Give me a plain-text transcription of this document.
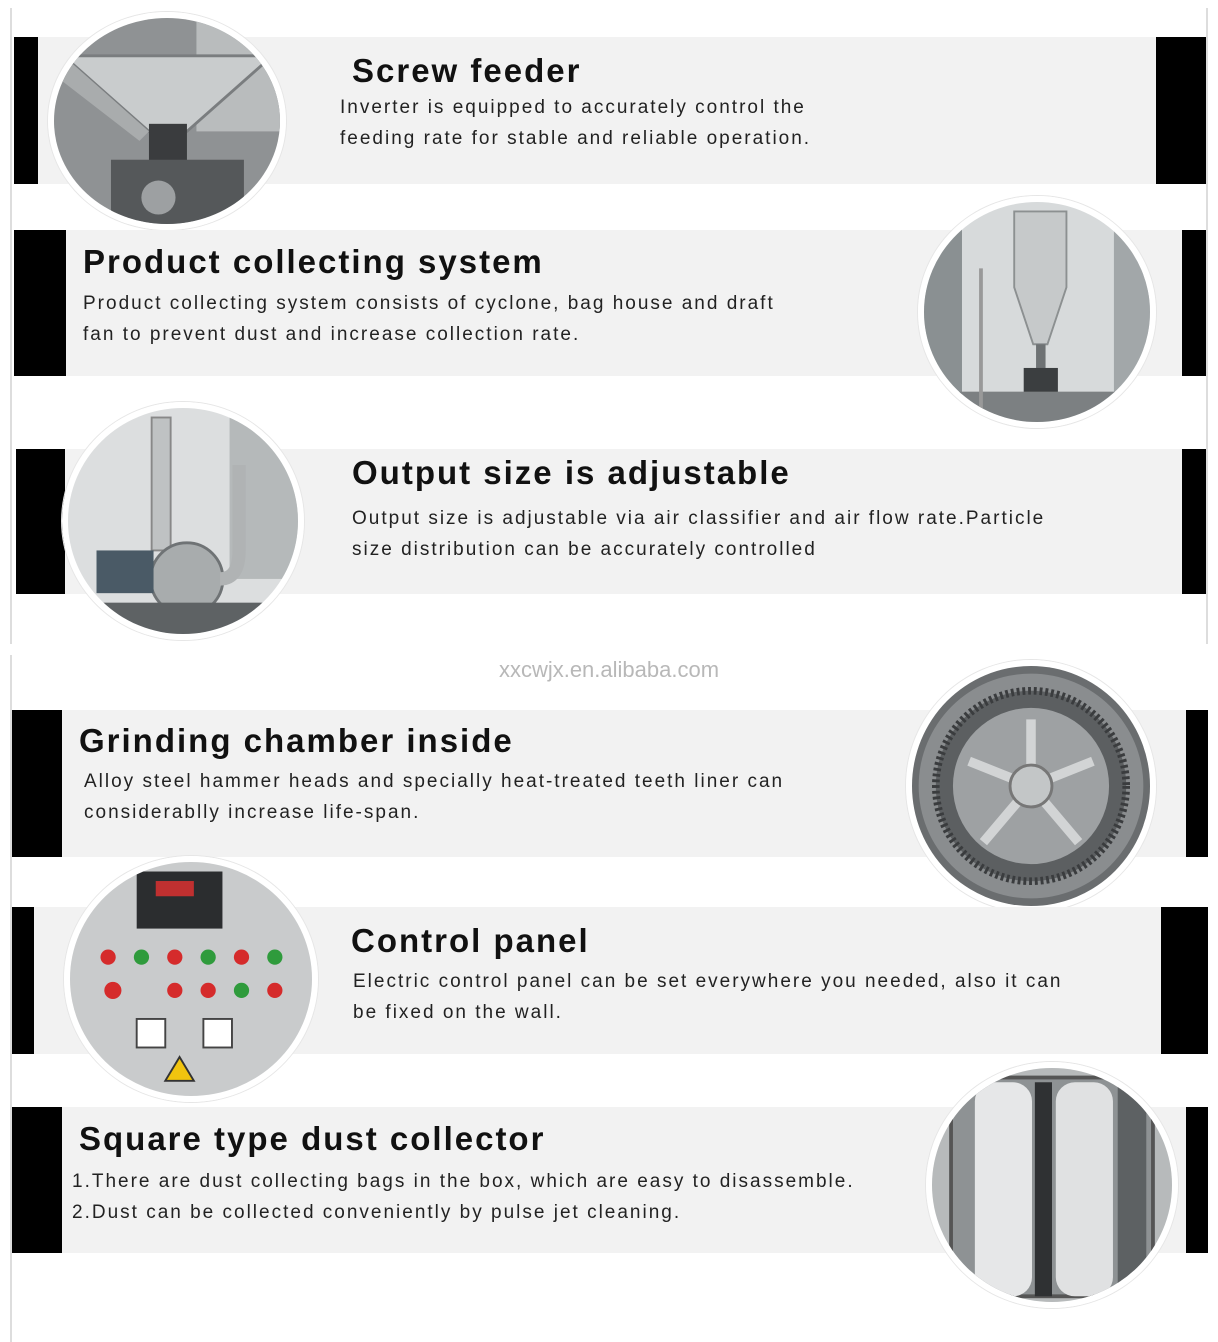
Screw feeder
Inverter is equipped to accurately control the
feeding rate for stable and reliable operation.
Product collecting system
Product collecting system consists of cyclone, bag house and draft
fan to prevent dust and increase collection rate.
Output size is adjustable
Output size is adjustable via air classifier and air flow rate.Particle
size distribution can be accurately controlled
xxcwjx.en.alibaba.com
Grinding chamber inside
Alloy steel hammer heads and specially heat-treated teeth liner can
considerablly increase life-span.
Control panel
Electric control panel can be set everywhere you needed, also it can
be fixed on the wall.
Square type dust collector
1.There are dust collecting bags in the box, which are easy to disassemble.
2.Dust can be collected conveniently by pulse jet cleaning.
